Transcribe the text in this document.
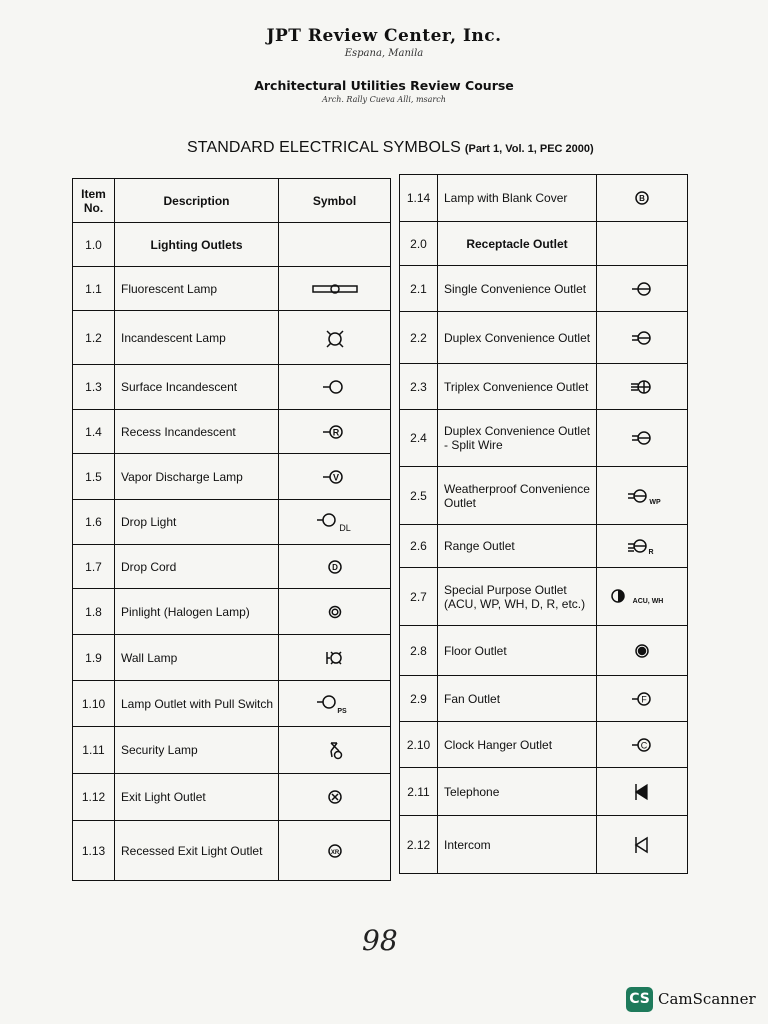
JPT Review Center, Inc.
Espana, Manila
Architectural Utilities Review Course
Arch. Rally Cueva Alli, msarch
STANDARD ELECTRICAL SYMBOLS (Part 1, Vol. 1, PEC 2000)
Item No.	Description	Symbol
1.0	Lighting Outlets	
1.1	Fluorescent Lamp	
1.2	Incandescent Lamp	
1.3	Surface Incandescent	
1.4	Recess Incandescent	R

1.5	Vapor Discharge Lamp	V

1.6	Drop Light	DL

1.7	Drop Cord	D

1.8	Pinlight (Halogen Lamp)	
1.9	Wall Lamp	
1.10	Lamp Outlet with Pull Switch	PS

1.11	Security Lamp	
1.12	Exit Light Outlet	
1.13	Recessed Exit Light Outlet	XR
1.14	Lamp with Blank Cover	B

2.0	Receptacle Outlet	
2.1	Single Convenience Outlet	
2.2	Duplex Convenience Outlet	
2.3	Triplex Convenience Outlet	
2.4	Duplex Convenience Outlet - Split Wire	
2.5	Weatherproof Convenience Outlet	WP

2.6	Range Outlet	R

2.7	Special Purpose Outlet (ACU, WP, WH, D, R, etc.)	ACU, WH

2.8	Floor Outlet	
2.9	Fan Outlet	F

2.10	Clock Hanger Outlet	C

2.11	Telephone	
2.12	Intercom	
98
CS CamScanner
